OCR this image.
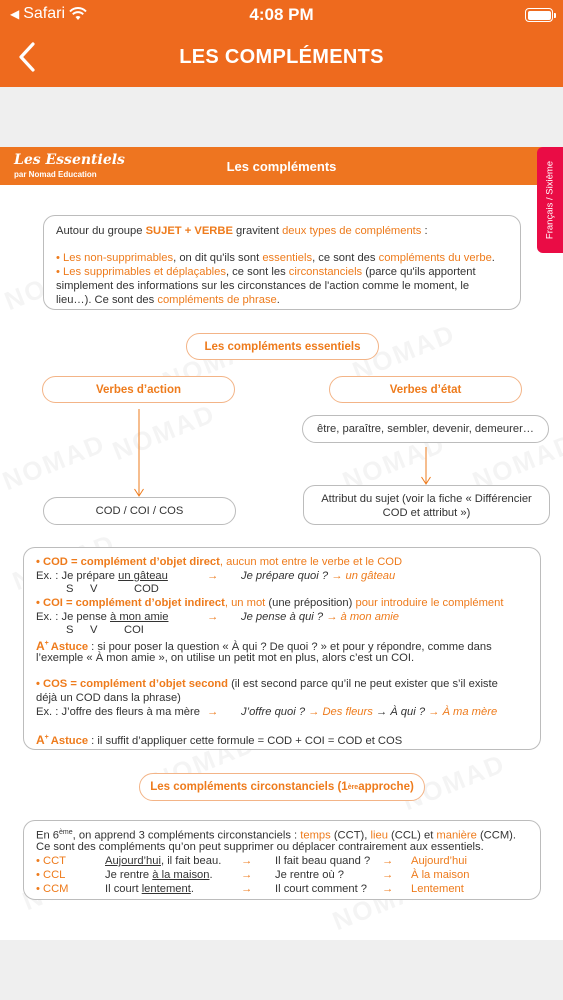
◀ Safari	4:08 PM
LES COMPLÉMENTS
Les Essentiels
par Nomad Education
Les compléments
Autour du groupe SUJET + VERBE gravitent deux types de compléments :
• Les non-supprimables, on dit qu'ils sont essentiels, ce sont des compléments du verbe.
• Les supprimables et déplaçables, ce sont les circonstanciels (parce qu'ils apportent
simplement des informations sur les circonstances de l'action comme le moment, le
lieu…). Ce sont des compléments de phrase.
Les compléments essentiels
Verbes d’action	Verbes d’état
être, paraître, sembler, devenir, demeurer…
COD / COI / COS
Attribut du sujet (voir la fiche « Différencier
COD et attribut »)
• COD = complément d’objet direct, aucun mot entre le verbe et le COD
Ex. : Je prépare un gâteau	→ Je prépare quoi ? → un gâteau
S V	COD
• COI = complément d’objet indirect, un mot (une préposition) pour introduire le complément
Ex. : Je pense à mon amie	→ Je pense à qui ? → à mon amie
S V COI
A+ Astuce : si pour poser la question « À qui ? De quoi ? » et pour y répondre, comme dans
l’exemple « À mon amie », on utilise un petit mot en plus, alors c’est un COI.
• COS = complément d’objet second (il est second parce qu’il ne peut exister que s’il existe
déjà un COD dans la phrase)
Ex. : J’offre des fleurs à ma mère → J’offre quoi ? → Des fleurs → À qui ? → À ma mère
A+ Astuce : il suffit d’appliquer cette formule = COD + COI = COD et COS
Les compléments circonstanciels (1 ère approche)
En 6ème, on apprend 3 compléments circonstanciels : temps (CCT), lieu (CCL) et manière (CCM).
Ce sont des compléments qu’on peut supprimer ou déplacer contrairement aux essentiels.
• CCT	Aujourd’hui, il fait beau. → Il fait beau quand ? → Aujourd’hui
• CCL	Je rentre à la maison.	→ Je rentre où ?	→ À la maison
• CCM	Il court lentement.	→ Il court comment ? → Lentement
Français / Sixième
